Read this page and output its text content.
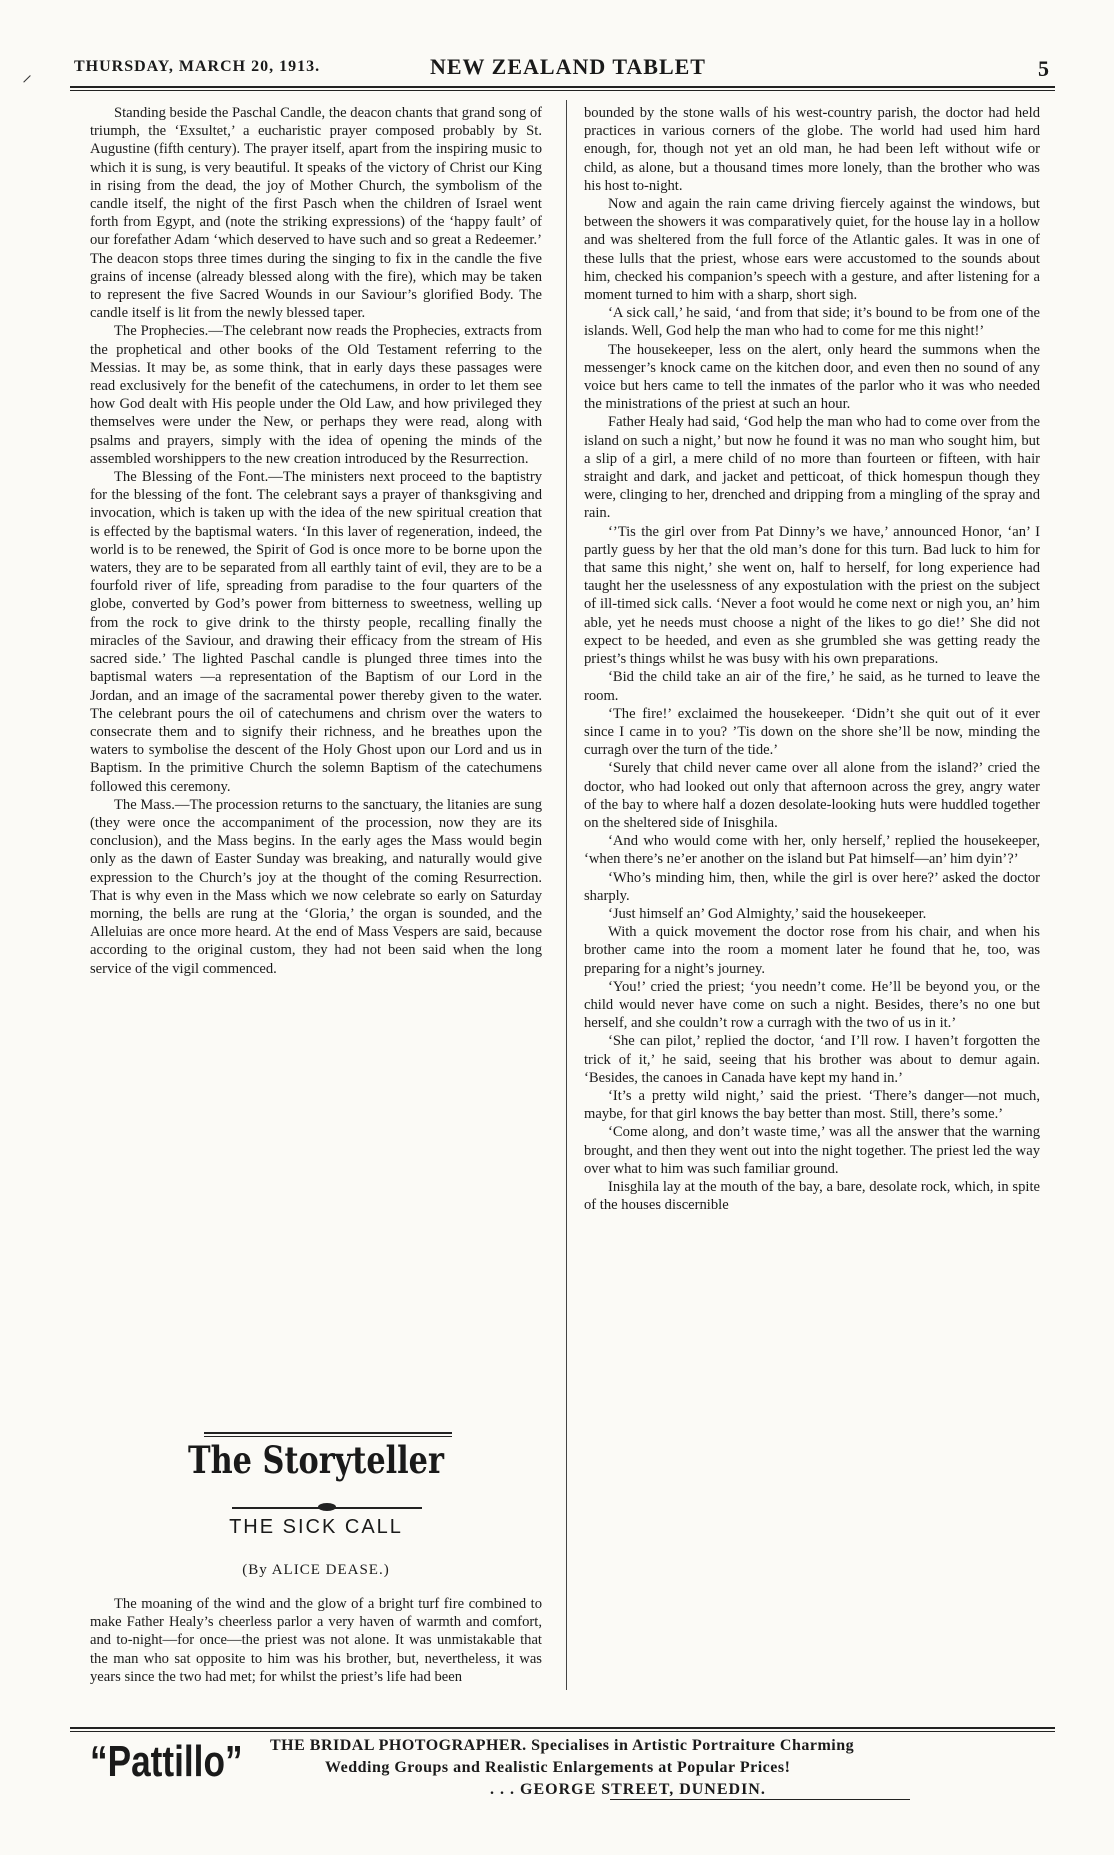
THURSDAY, MARCH 20, 1913.	NEW ZEALAND TABLET	5
⸝

Standing beside the Paschal Candle, the deacon chants that grand song of triumph, the ‘Exsultet,’ a eucharistic prayer composed probably by St. Augustine (fifth century). The prayer itself, apart from the inspiring music to which it is sung, is very beautiful. It speaks of the victory of Christ our King in rising from the dead, the joy of Mother Church, the symbolism of the candle itself, the night of the first Pasch when the children of Israel went forth from Egypt, and (note the striking expressions) of the ‘happy fault’ of our forefather Adam ‘which deserved to have such and so great a Redeemer.’ The deacon stops three times during the singing to fix in the candle the five grains of incense (already blessed along with the fire), which may be taken to represent the five Sacred Wounds in our Saviour’s glorified Body. The candle itself is lit from the newly blessed taper.

The Prophecies.—The celebrant now reads the Prophecies, extracts from the prophetical and other books of the Old Testament referring to the Messias. It may be, as some think, that in early days these passages were read exclusively for the benefit of the catechumens, in order to let them see how God dealt with His people under the Old Law, and how privileged they themselves were under the New, or perhaps they were read, along with psalms and prayers, simply with the idea of opening the minds of the assembled worshippers to the new creation introduced by the Resurrection.

The Blessing of the Font.—The ministers next proceed to the baptistry for the blessing of the font. The celebrant says a prayer of thanksgiving and invocation, which is taken up with the idea of the new spiritual creation that is effected by the baptismal waters. ‘In this laver of regeneration, indeed, the world is to be renewed, the Spirit of God is once more to be borne upon the waters, they are to be separated from all earthly taint of evil, they are to be a fourfold river of life, spreading from paradise to the four quarters of the globe, converted by God’s power from bitterness to sweetness, welling up from the rock to give drink to the thirsty people, recalling finally the miracles of the Saviour, and drawing their efficacy from the stream of His sacred side.’ The lighted Paschal candle is plunged three times into the baptismal waters —a representation of the Baptism of our Lord in the Jordan, and an image of the sacramental power thereby given to the water. The celebrant pours the oil of catechumens and chrism over the waters to consecrate them and to signify their richness, and he breathes upon the waters to symbolise the descent of the Holy Ghost upon our Lord and us in Baptism. In the primitive Church the solemn Baptism of the catechumens followed this ceremony.

The Mass.—The procession returns to the sanctuary, the litanies are sung (they were once the accompaniment of the procession, now they are its conclusion), and the Mass begins. In the early ages the Mass would begin only as the dawn of Easter Sunday was breaking, and naturally would give expression to the Church’s joy at the thought of the coming Resurrection. That is why even in the Mass which we now celebrate so early on Saturday morning, the bells are rung at the ‘Gloria,’ the organ is sounded, and the Alleluias are once more heard. At the end of Mass Vespers are said, because according to the original custom, they had not been said when the long service of the vigil commenced.

The Storyteller
THE SICK CALL
(By ALICE DEASE.)

The moaning of the wind and the glow of a bright turf fire combined to make Father Healy’s cheerless parlor a very haven of warmth and comfort, and to-night—for once—the priest was not alone. It was unmistakable that the man who sat opposite to him was his brother, but, nevertheless, it was years since the two had met; for whilst the priest’s life had been

bounded by the stone walls of his west-country parish, the doctor had held practices in various corners of the globe. The world had used him hard enough, for, though not yet an old man, he had been left without wife or child, as alone, but a thousand times more lonely, than the brother who was his host to-night.

Now and again the rain came driving fiercely against the windows, but between the showers it was comparatively quiet, for the house lay in a hollow and was sheltered from the full force of the Atlantic gales. It was in one of these lulls that the priest, whose ears were accustomed to the sounds about him, checked his companion’s speech with a gesture, and after listening for a moment turned to him with a sharp, short sigh.

‘A sick call,’ he said, ‘and from that side; it’s bound to be from one of the islands. Well, God help the man who had to come for me this night!’

The housekeeper, less on the alert, only heard the summons when the messenger’s knock came on the kitchen door, and even then no sound of any voice but hers came to tell the inmates of the parlor who it was who needed the ministrations of the priest at such an hour.

Father Healy had said, ‘God help the man who had to come over from the island on such a night,’ but now he found it was no man who sought him, but a slip of a girl, a mere child of no more than fourteen or fifteen, with hair straight and dark, and jacket and petticoat, of thick homespun though they were, clinging to her, drenched and dripping from a mingling of the spray and rain.

‘’Tis the girl over from Pat Dinny’s we have,’ announced Honor, ‘an’ I partly guess by her that the old man’s done for this turn. Bad luck to him for that same this night,’ she went on, half to herself, for long experience had taught her the uselessness of any expostulation with the priest on the subject of ill-timed sick calls. ‘Never a foot would he come next or nigh you, an’ him able, yet he needs must choose a night of the likes to go die!’ She did not expect to be heeded, and even as she grumbled she was getting ready the priest’s things whilst he was busy with his own preparations.

‘Bid the child take an air of the fire,’ he said, as he turned to leave the room.

‘The fire!’ exclaimed the housekeeper. ‘Didn’t she quit out of it ever since I came in to you? ’Tis down on the shore she’ll be now, minding the curragh over the turn of the tide.’

‘Surely that child never came over all alone from the island?’ cried the doctor, who had looked out only that afternoon across the grey, angry water of the bay to where half a dozen desolate-looking huts were huddled together on the sheltered side of Inisghila.

‘And who would come with her, only herself,’ replied the housekeeper, ‘when there’s ne’er another on the island but Pat himself—an’ him dyin’?’

‘Who’s minding him, then, while the girl is over here?’ asked the doctor sharply.

‘Just himself an’ God Almighty,’ said the housekeeper.

With a quick movement the doctor rose from his chair, and when his brother came into the room a moment later he found that he, too, was preparing for a night’s journey.

‘You!’ cried the priest; ‘you needn’t come. He’ll be beyond you, or the child would never have come on such a night. Besides, there’s no one but herself, and she couldn’t row a curragh with the two of us in it.’

‘She can pilot,’ replied the doctor, ‘and I’ll row. I haven’t forgotten the trick of it,’ he said, seeing that his brother was about to demur again. ‘Besides, the canoes in Canada have kept my hand in.’

‘It’s a pretty wild night,’ said the priest. ‘There’s danger—not much, maybe, for that girl knows the bay better than most. Still, there’s some.’

‘Come along, and don’t waste time,’ was all the answer that the warning brought, and then they went out into the night together. The priest led the way over what to him was such familiar ground.

Inisghila lay at the mouth of the bay, a bare, desolate rock, which, in spite of the houses discernible

“Pattillo” THE BRIDAL PHOTOGRAPHER. Specialises in Artistic Portraiture Charming
Wedding Groups and Realistic Enlargements at Popular Prices!
. . . GEORGE STREET, DUNEDIN.
